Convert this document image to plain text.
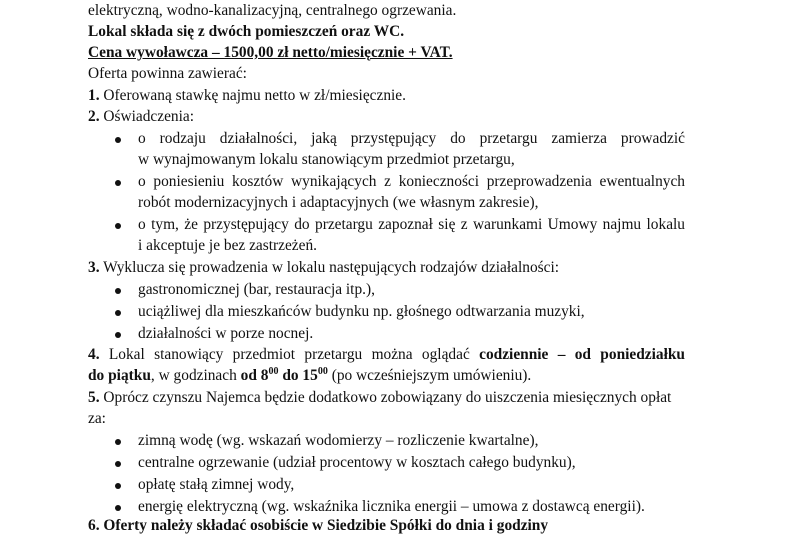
elektryczną, wodno-kanalizacyjną, centralnego ogrzewania.
Lokal składa się z dwóch pomieszczeń oraz WC.
Cena wywoławcza – 1500,00 zł netto/miesięcznie + VAT.
Oferta powinna zawierać:
1. Oferowaną stawkę najmu netto w zł/miesięcznie.
2. Oświadczenia:
o rodzaju działalności, jaką przystępujący do przetargu zamierza prowadzić
w wynajmowanym lokalu stanowiącym przedmiot przetargu,
o poniesieniu kosztów wynikających z konieczności przeprowadzenia ewentualnych
robót modernizacyjnych i adaptacyjnych (we własnym zakresie),
o tym, że przystępujący do przetargu zapoznał się z warunkami Umowy najmu lokalu
i akceptuje je bez zastrzeżeń.
3. Wyklucza się prowadzenia w lokalu następujących rodzajów działalności:
gastronomicznej (bar, restauracja itp.),
uciążliwej dla mieszkańców budynku np. głośnego odtwarzania muzyki,
działalności w porze nocnej.
4. Lokal stanowiący przedmiot przetargu można oglądać codziennie – od poniedziałku
do piątku, w godzinach od $8^{00}$ do $15^{00}$ (po wcześniejszym umówieniu).
5. Oprócz czynszu Najemca będzie dodatkowo zobowiązany do uiszczenia miesięcznych opłat
za:
zimną wodę (wg. wskazań wodomierzy – rozliczenie kwartalne),
centralne ogrzewanie (udział procentowy w kosztach całego budynku),
opłatę stałą zimnej wody,
energię elektryczną (wg. wskaźnika licznika energii – umowa z dostawcą energii).
6. Oferty należy składać osobiście w Siedzibie Spółki do dnia i godziny
